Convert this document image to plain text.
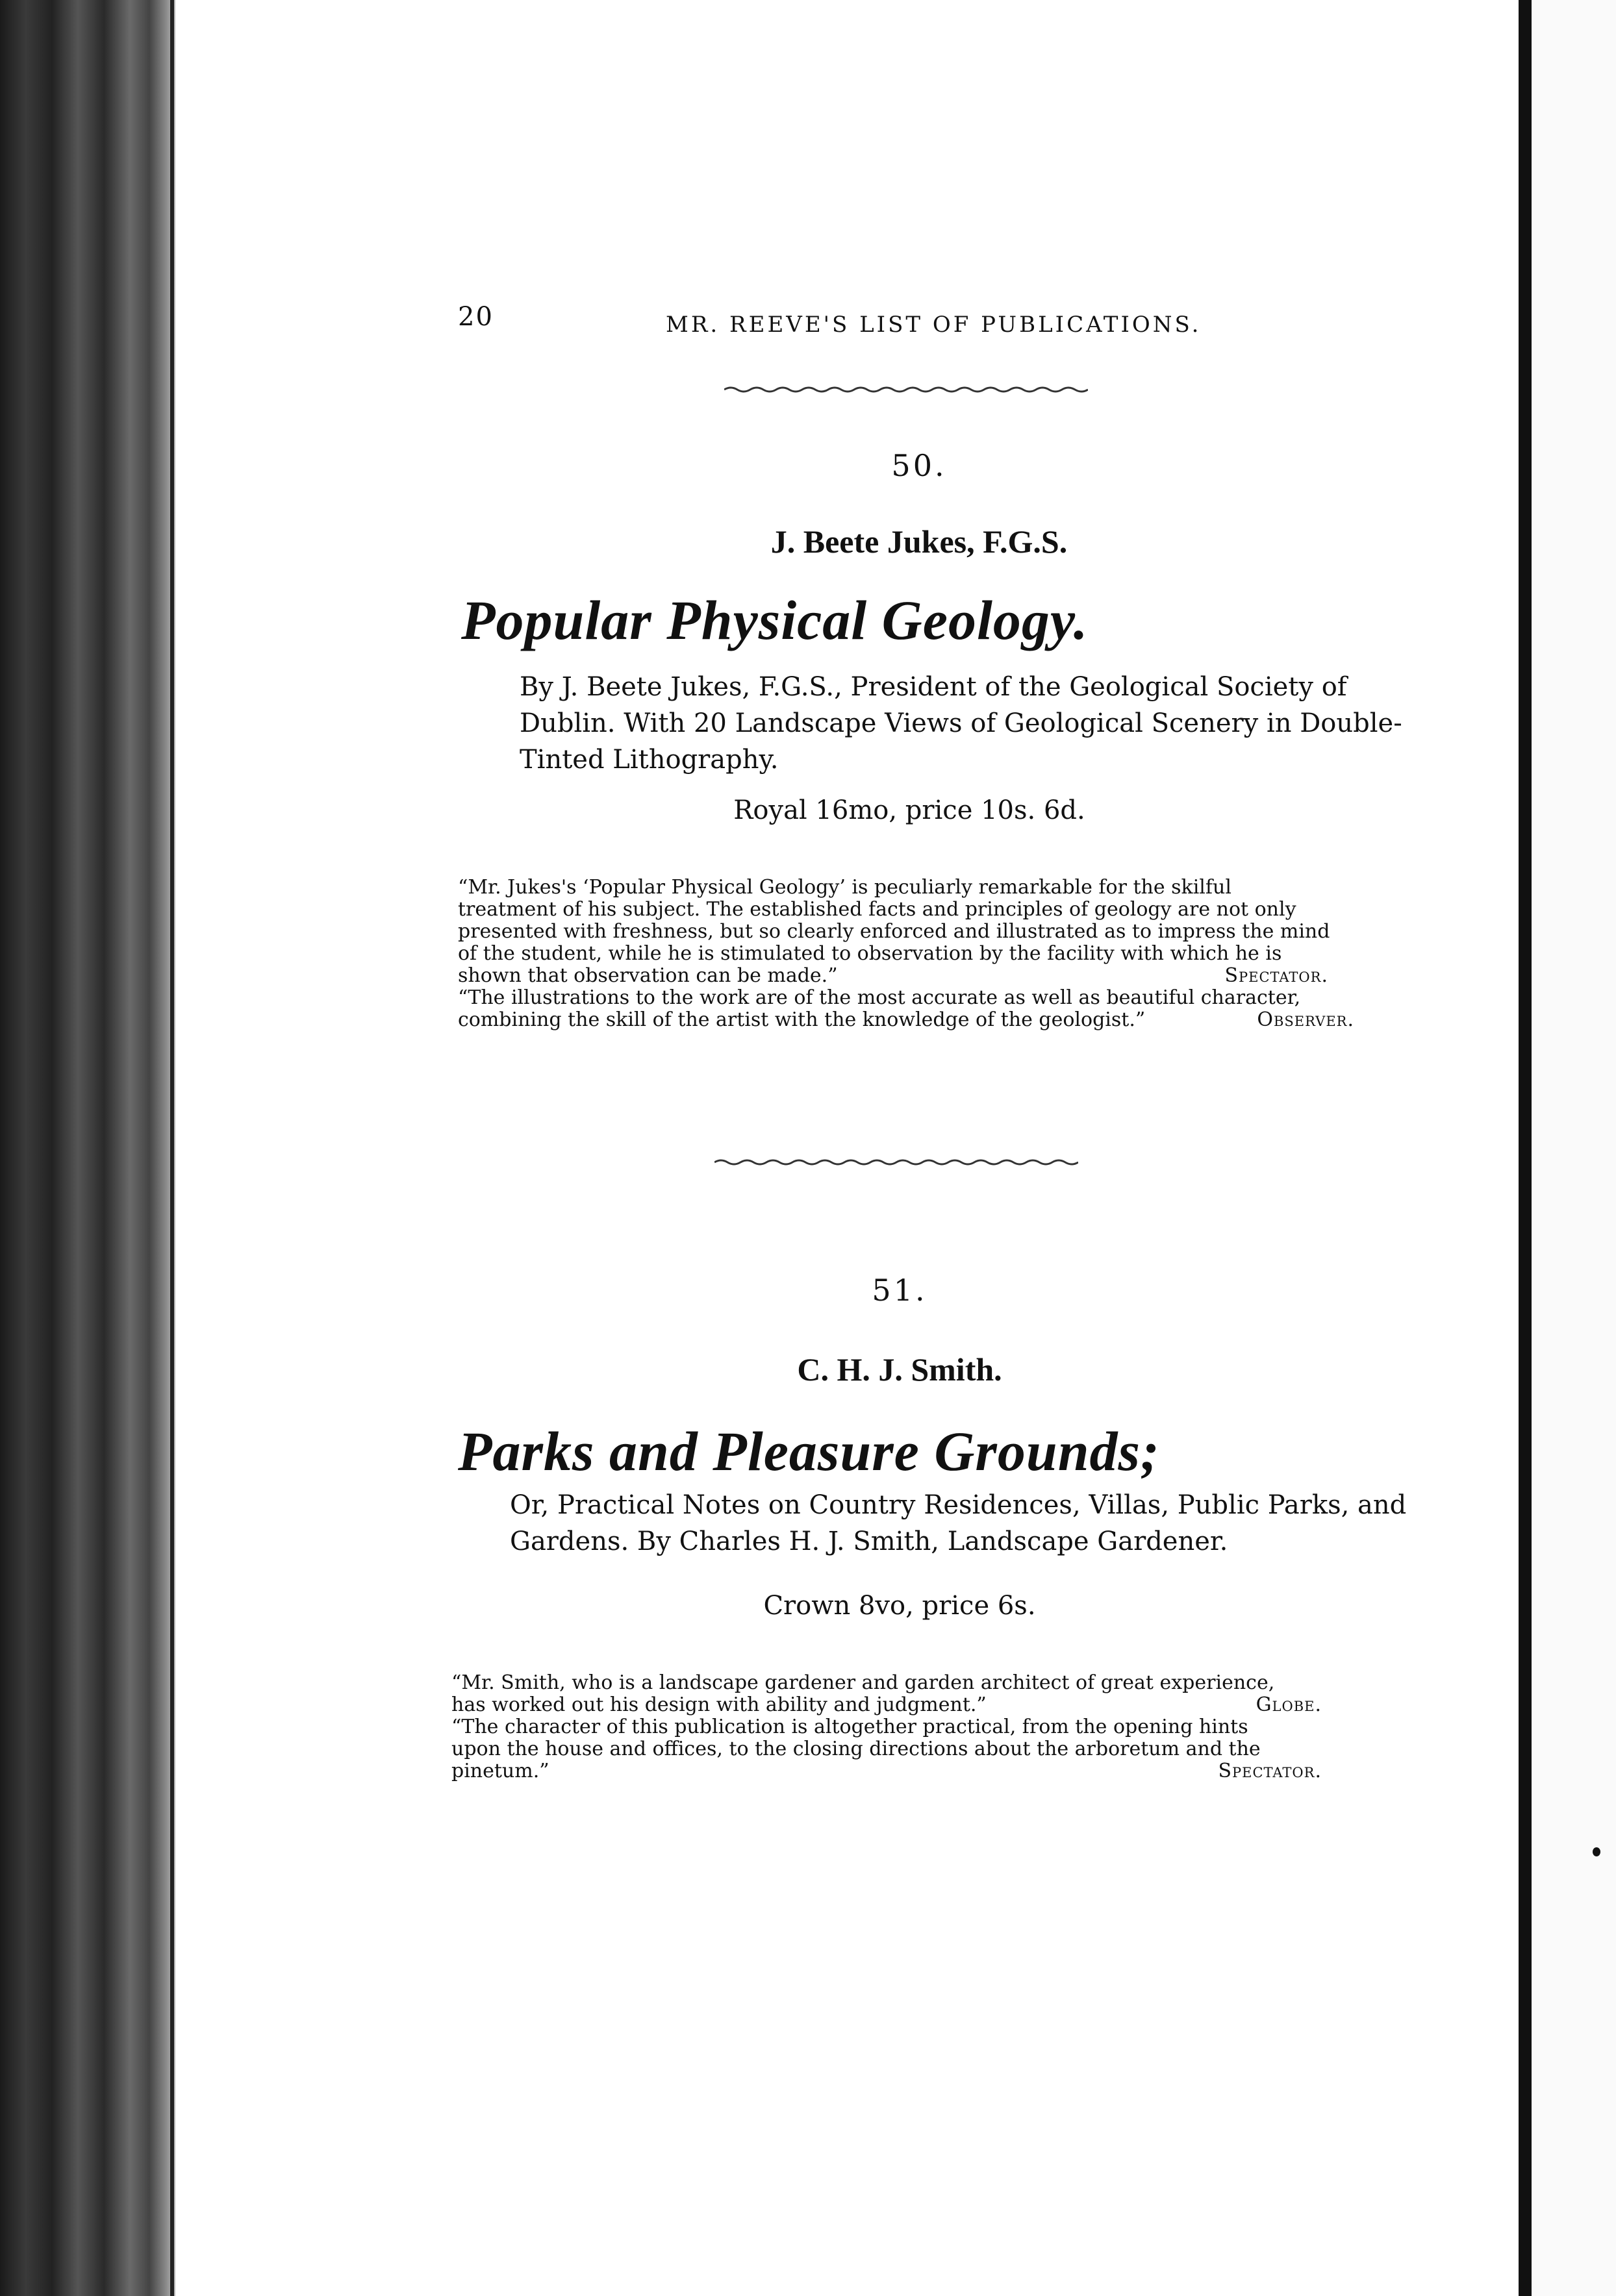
20	MR. REEVE'S LIST OF PUBLICATIONS.
50.
J. Beete Jukes, F.G.S.
Popular Physical Geology.
By J. Beete Jukes, F.G.S., President of the Geological Society of
Dublin. With 20 Landscape Views of Geological Scenery in Double-
Tinted Lithography.
Royal 16mo, price 10s. 6d.
“Mr. Jukes's ‘Popular Physical Geology’ is peculiarly remarkable for the skilful
treatment of his subject. The established facts and principles of geology are not only
presented with freshness, but so clearly enforced and illustrated as to impress the mind
of the student, while he is stimulated to observation by the facility with which he is
shown that observation can be made.”	Spectator.
“The illustrations to the work are of the most accurate as well as beautiful character,
combining the skill of the artist with the knowledge of the geologist.”	Observer.
51.
C. H. J. Smith.
Parks and Pleasure Grounds;
Or, Practical Notes on Country Residences, Villas, Public Parks, and
Gardens. By Charles H. J. Smith, Landscape Gardener.
Crown 8vo, price 6s.
“Mr. Smith, who is a landscape gardener and garden architect of great experience,
has worked out his design with ability and judgment.”	Globe.
“The character of this publication is altogether practical, from the opening hints
upon the house and offices, to the closing directions about the arboretum and the
pinetum.”	Spectator.
